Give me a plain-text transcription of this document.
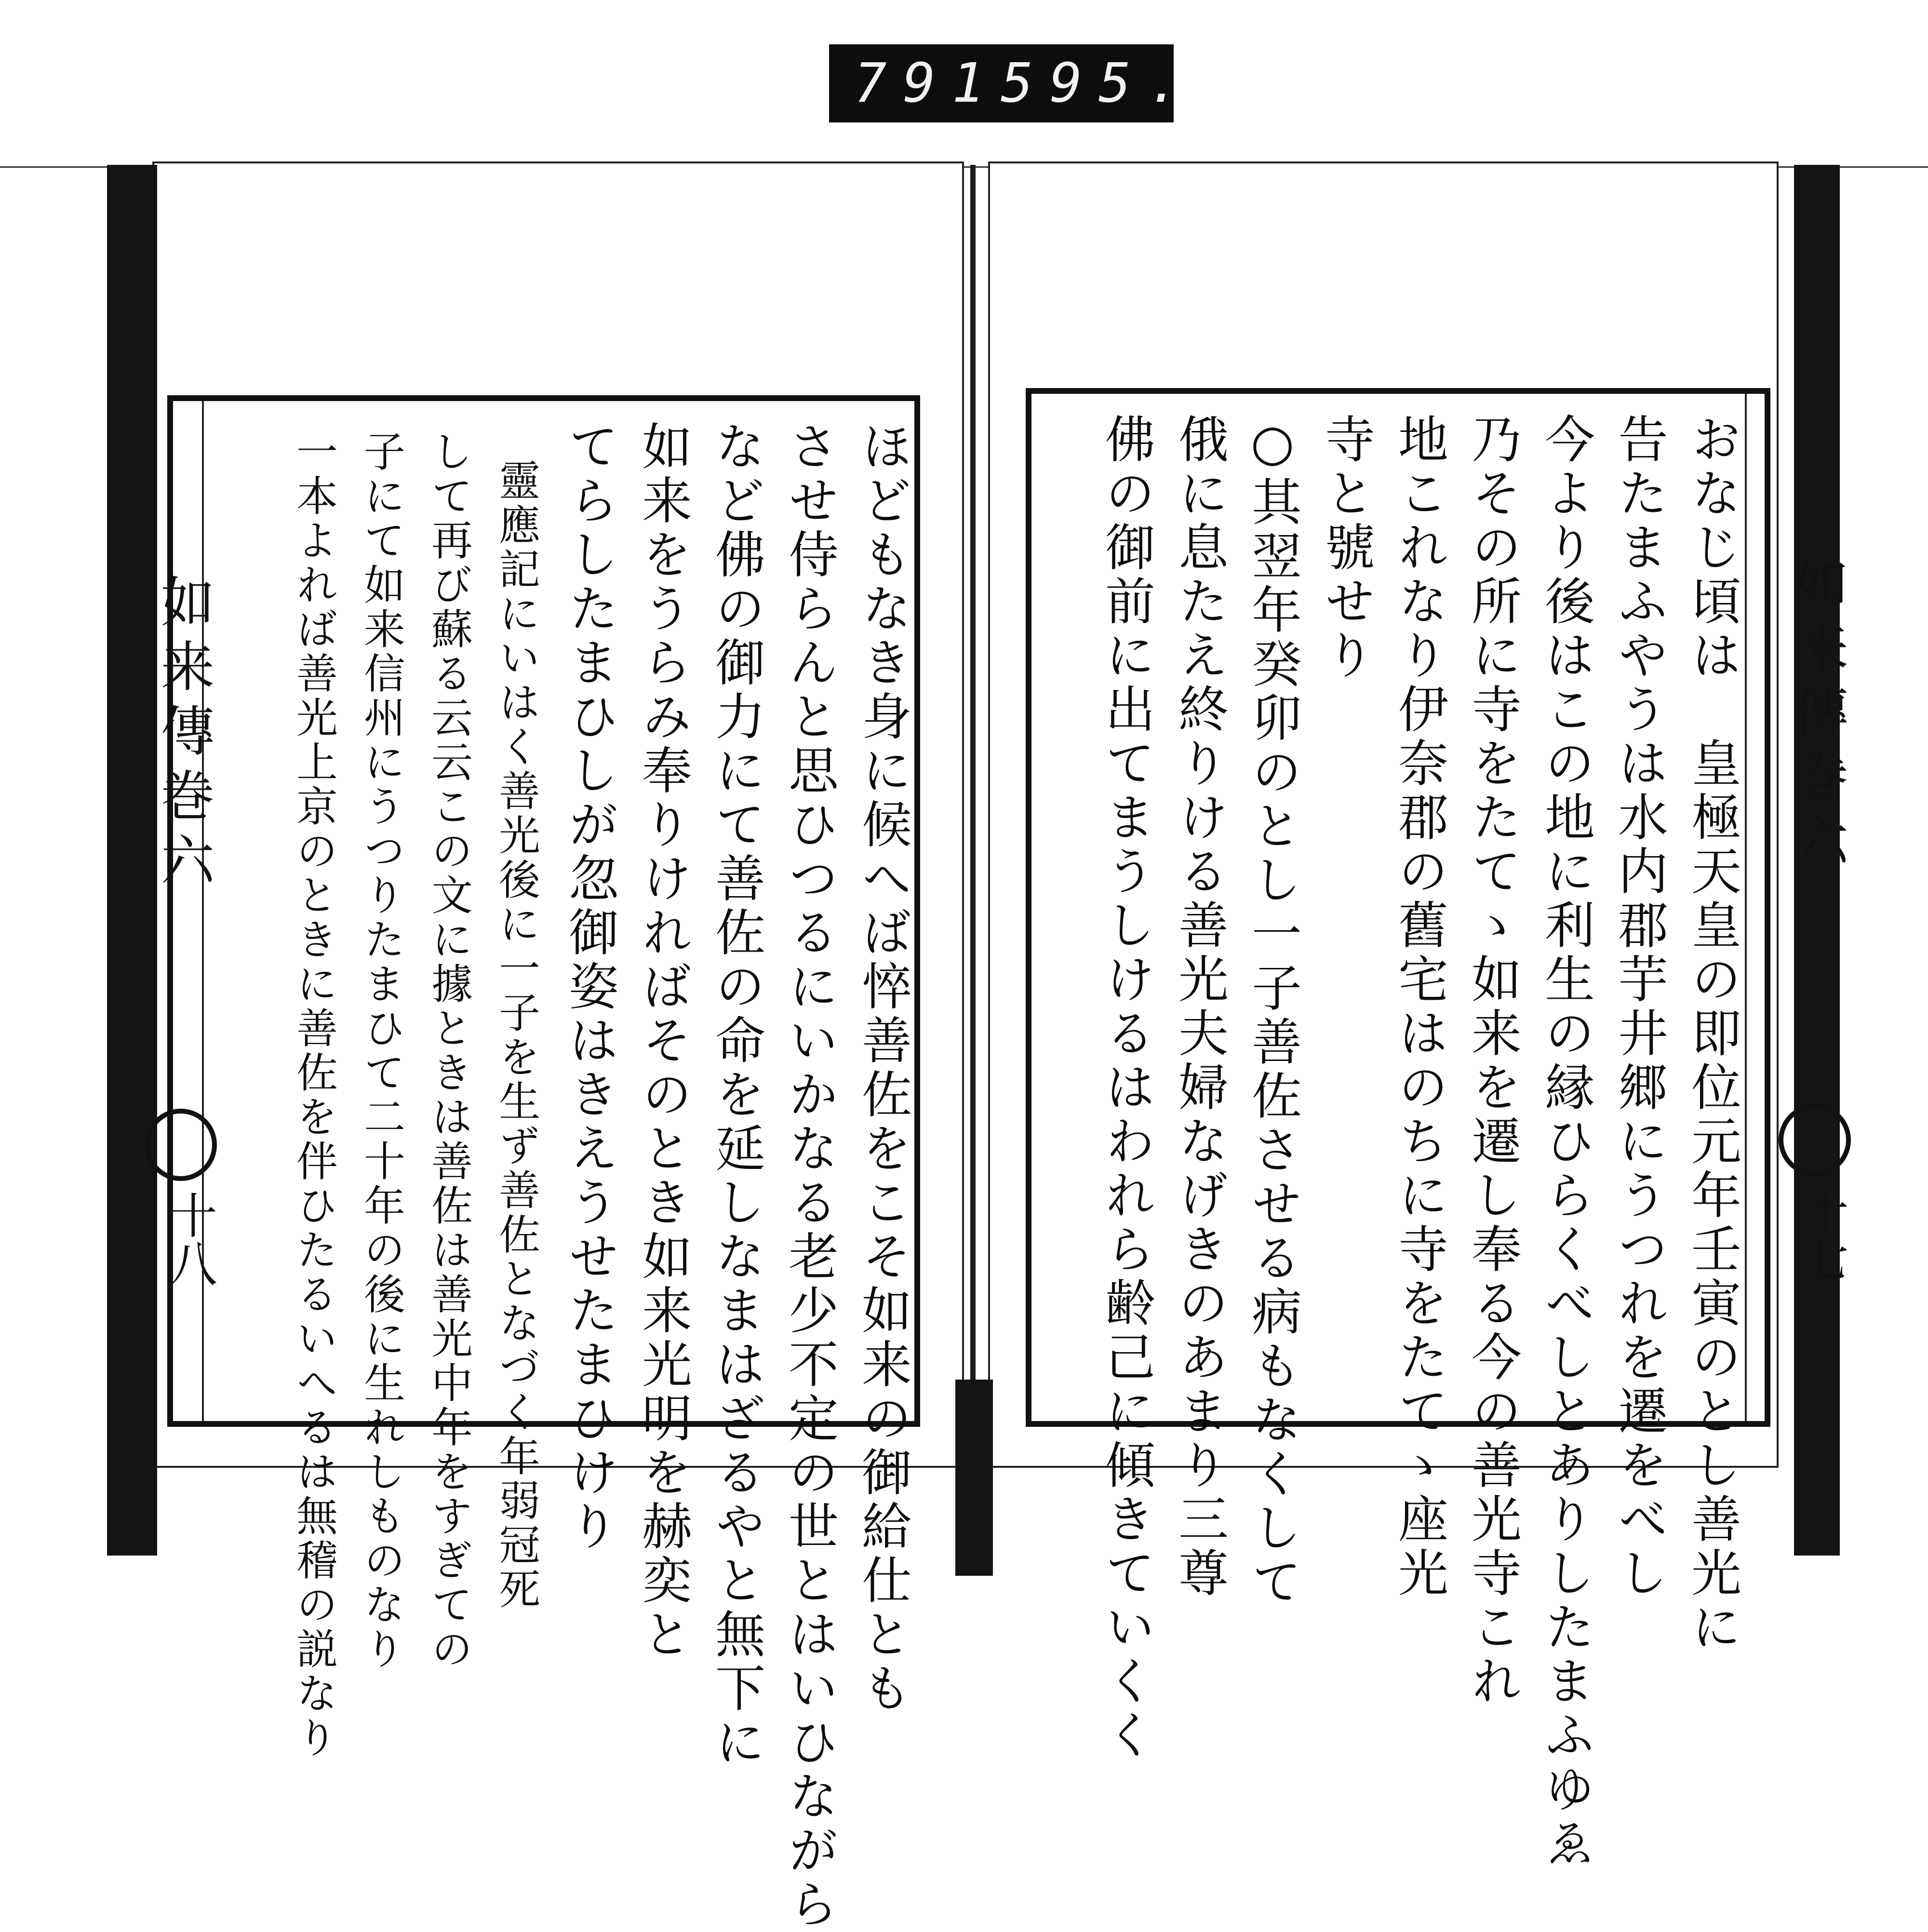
791 595.
ほどもなき身に候へば悴善佐をこそ如来の御給仕とも
させ侍らんと思ひつるにいかなる老少不定の世とはいひながら
など佛の御力にて善佐の命を延しなまはざるやと無下に
如来をうらみ奉りければそのとき如来光明を赫奕と
てらしたまひしが忽御姿はきえうせたまひけり
靈應記にいはく善光後に一子を生ず善佐となづく年弱冠死
して再び蘇る云云この文に據ときは善佐は善光中年をすぎての
子にて如来信州にうつりたまひて二十年の後に生れしものなり
一本よれば善光上京のときに善佐を伴ひたるいへるは無稽の説なり
如来傳巻六
十八	おなじ頃は　皇極天皇の即位元年壬寅のとし善光に
告たまふやうは水内郡芋井郷にうつれを遷をべし
今より後はこの地に利生の縁ひらくべしとありしたまふゆゑ
乃その所に寺をたてゝ如来を遷し奉る今の善光寺これ
地これなり伊奈郡の舊宅はのちに寺をたてゝ座光
寺と號せり
○其翌年癸卯のとし一子善佐させる病もなくして
俄に息たえ終りける善光夫婦なげきのあまり三尊
佛の御前に出てまうしけるはわれら齢己に傾きていくく	如来傳巻六
十七
